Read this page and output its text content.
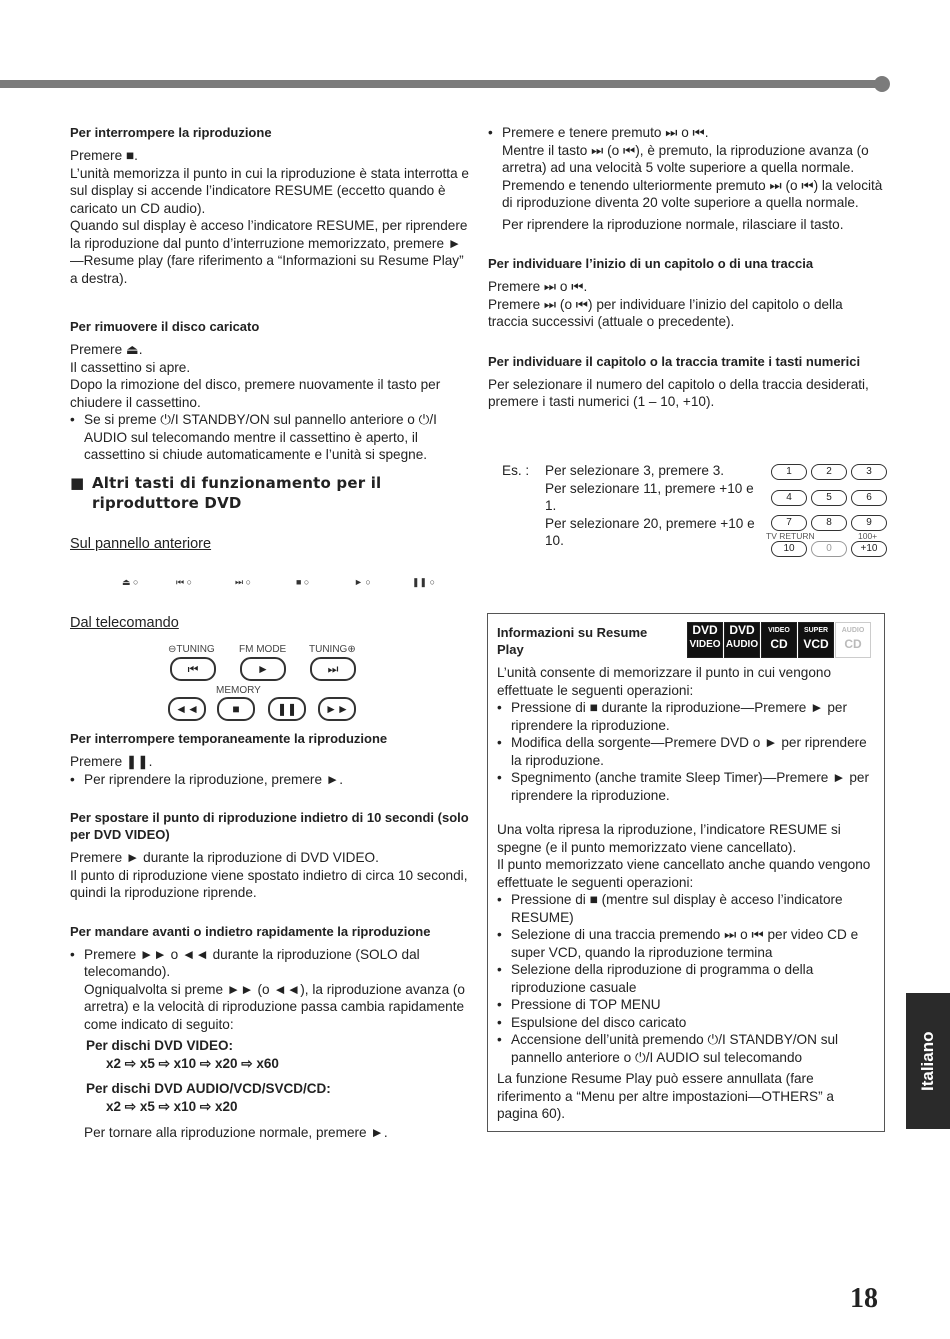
Per interrompere la riproduzione

Premere ■.

L’unità memorizza il punto in cui la riproduzione è stata interrotta e sul display si accende l’indicatore RESUME (eccetto quando è caricato un CD audio).

Quando sul display è acceso l’indicatore RESUME, per riprendere la riproduzione dal punto d’interruzione memorizzato, premere ►—Resume play (fare riferimento a “Informazioni su Resume Play” a destra).

Per rimuovere il disco caricato

Premere ⏏.

Il cassettino si apre.

Dopo la rimozione del disco, premere nuovamente il tasto per chiudere il cassettino.

• Se si preme ⏻/I STANDBY/ON sul pannello anteriore o ⏻/I AUDIO sul telecomando mentre il cassettino è aperto, il cassettino si chiude automaticamente e l’unità si spegne.

■ Altri tasti di funzionamento per il riproduttore DVD
Sul pannello anteriore
⏏ ○	⏮ ○	⏭ ○	■ ○	► ○	❚❚ ○
Dal telecomando
⊖TUNING FM MODE TUNING⊕
⏮	►	⏭
MEMORY
◄◄	■	❚❚	►►
Per interrompere temporaneamente la riproduzione

Premere ❚❚.

• Per riprendere la riproduzione, premere ►.

Per spostare il punto di riproduzione indietro di 10 secondi (solo per DVD VIDEO)

Premere ► durante la riproduzione di DVD VIDEO.

Il punto di riproduzione viene spostato indietro di circa 10 secondi, quindi la riproduzione riprende.

Per mandare avanti o indietro rapidamente la riproduzione

• Premere ►► o ◄◄ durante la riproduzione (SOLO dal telecomando).

Ogniqualvolta si preme ►► (o ◄◄), la riproduzione avanza (o arretra) e la velocità di riproduzione passa cambia rapidamente come indicato di seguito:

Per dischi DVD VIDEO:

x2 ⇨ x5 ⇨ x10 ⇨ x20 ⇨ x60

Per dischi DVD AUDIO/VCD/SVCD/CD:

x2 ⇨ x5 ⇨ x10 ⇨ x20

Per tornare alla riproduzione normale, premere ►.

• Premere e tenere premuto ⏭ o ⏮.

Mentre il tasto ⏭ (o ⏮), è premuto, la riproduzione avanza (o arretra) ad una velocità 5 volte superiore a quella normale. Premendo e tenendo ulteriormente premuto ⏭ (o ⏮) la velocità di riproduzione diventa 20 volte superiore a quella normale.

Per riprendere la riproduzione normale, rilasciare il tasto.

Per individuare l’inizio di un capitolo o di una traccia

Premere ⏭ o ⏮.

Premere ⏭ (o ⏮) per individuare l’inizio del capitolo o della traccia successivi (attuale o precedente).

Per individuare il capitolo o la traccia tramite i tasti numerici

Per selezionare il numero del capitolo o della traccia desiderati, premere i tasti numerici (1 – 10, +10).

Es. : Per selezionare 3, premere 3.

Per selezionare 11, premere +10 e 1.

Per selezionare 20, premere +10 e 10.

1	2	3
4	5	6
7	8	9
TV RETURN	100+
10	0	+10
Informazioni su Resume Play
DVD
VIDEO
DVD
AUDIO
VIDEO
CD
SUPER
VCD
AUDIO
CD

L’unità consente di memorizzare il punto in cui vengono effettuate le seguenti operazioni:

• Pressione di ■ durante la riproduzione—Premere ► per riprendere la riproduzione.

• Modifica della sorgente—Premere DVD o ► per riprendere la riproduzione.

• Spegnimento (anche tramite Sleep Timer)—Premere ► per riprendere la riproduzione.

Una volta ripresa la riproduzione, l’indicatore RESUME si spegne (e il punto memorizzato viene cancellato).

Il punto memorizzato viene cancellato anche quando vengono effettuate le seguenti operazioni:

• Pressione di ■ (mentre sul display è acceso l’indicatore RESUME)

• Selezione di una traccia premendo ⏭ o ⏮ per video CD e super VCD, quando la riproduzione termina

• Selezione della riproduzione di programma o della riproduzione casuale

• Pressione di TOP MENU

• Espulsione del disco caricato

• Accensione dell’unità premendo ⏻/I STANDBY/ON sul pannello anteriore o ⏻/I AUDIO sul telecomando

La funzione Resume Play può essere annullata (fare riferimento a “Menu per altre impostazioni—OTHERS” a pagina 60).

Italiano
18
